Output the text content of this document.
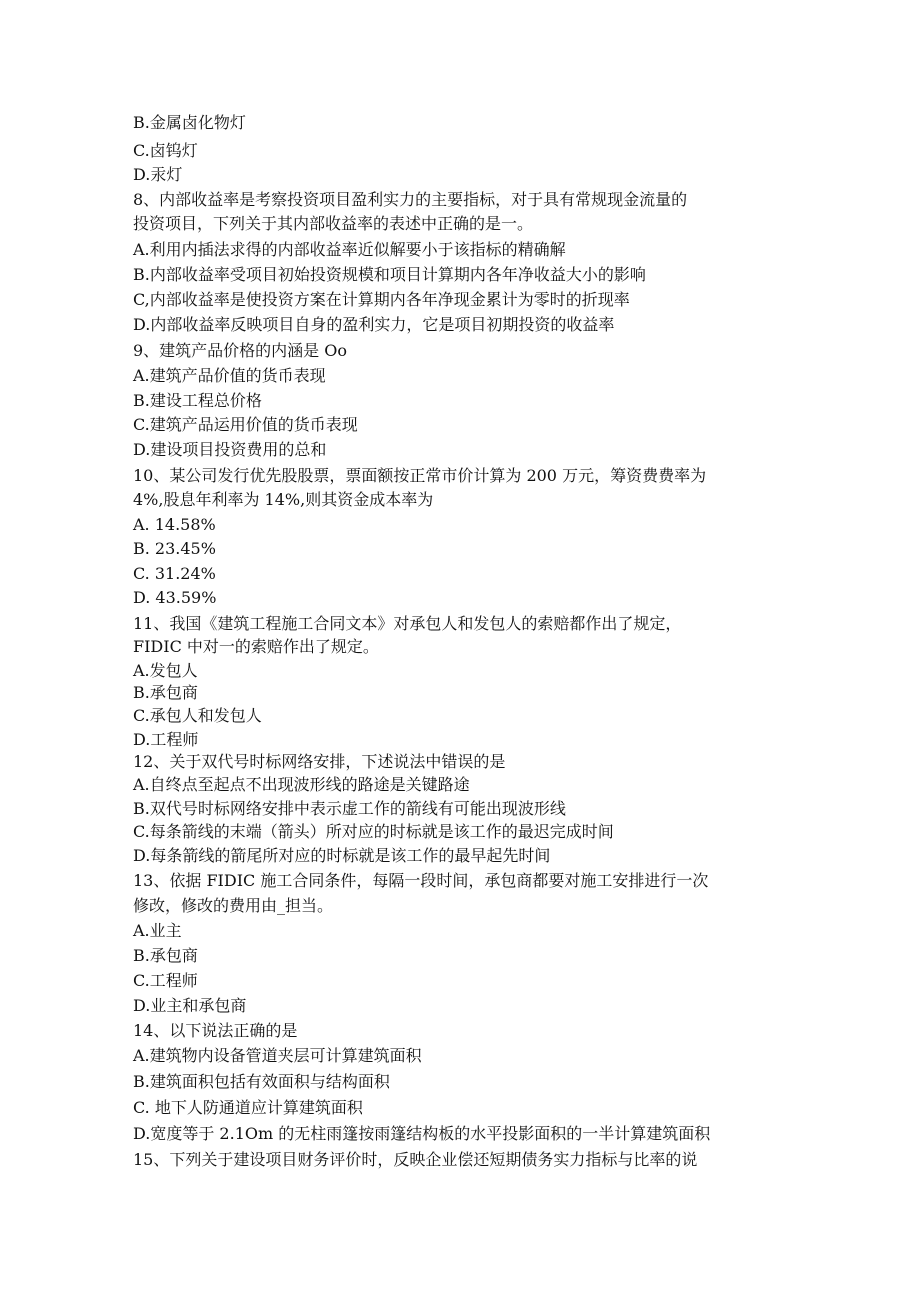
B.金属卤化物灯
C.卤钨灯
D.汞灯
8、内部收益率是考察投资项目盈利实力的主要指标，对于具有常规现金流量的
投资项目，下列关于其内部收益率的表述中正确的是一。
A.利用内插法求得的内部收益率近似解要小于该指标的精确解
B.内部收益率受项目初始投资规模和项目计算期内各年净收益大小的影响
C,内部收益率是使投资方案在计算期内各年净现金累计为零时的折现率
D.内部收益率反映项目自身的盈利实力，它是项目初期投资的收益率
9、建筑产品价格的内涵是 Oo
A.建筑产品价值的货币表现
B.建设工程总价格
C.建筑产品运用价值的货币表现
D.建设项目投资费用的总和
10、某公司发行优先股股票，票面额按正常市价计算为 200 万元，筹资费费率为
4%,股息年利率为 14%,则其资金成本率为
A. 14.58%
B. 23.45%
C. 31.24%
D. 43.59%
11、我国《建筑工程施工合同文本》对承包人和发包人的索赔都作出了规定，
FIDIC 中对一的索赔作出了规定。
A.发包人
B.承包商
C.承包人和发包人
D.工程师
12、关于双代号时标网络安排，下述说法中错误的是
A.自终点至起点不出现波形线的路途是关键路途
B.双代号时标网络安排中表示虚工作的箭线有可能出现波形线
C.每条箭线的末端（箭头）所对应的时标就是该工作的最迟完成时间
D.每条箭线的箭尾所对应的时标就是该工作的最早起先时间
13、依据 FIDIC 施工合同条件，每隔一段时间，承包商都要对施工安排进行一次
修改，修改的费用由_担当。
A.业主
B.承包商
C.工程师
D.业主和承包商
14、以下说法正确的是
A.建筑物内设备管道夹层可计算建筑面积
B.建筑面积包括有效面积与结构面积
C. 地下人防通道应计算建筑面积
D.宽度等于 2.1Om 的无柱雨篷按雨篷结构板的水平投影面积的一半计算建筑面积
15、下列关于建设项目财务评价时，反映企业偿还短期债务实力指标与比率的说
